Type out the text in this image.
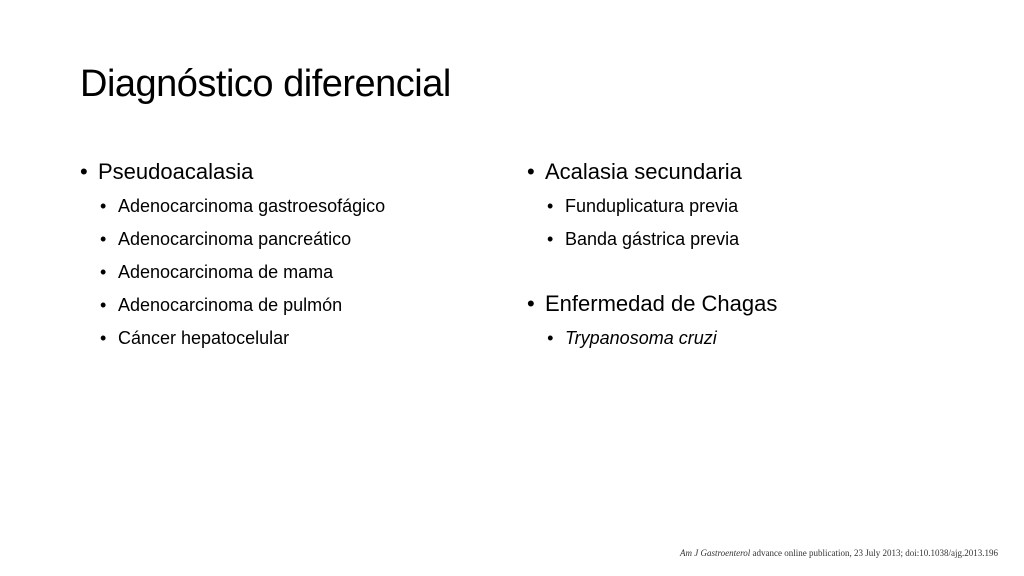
Diagnóstico diferencial
• Pseudoacalasia
• Adenocarcinoma gastroesofágico
• Adenocarcinoma pancreático
• Adenocarcinoma de mama
• Adenocarcinoma de pulmón
• Cáncer hepatocelular
• Acalasia secundaria
• Funduplicatura previa
• Banda gástrica previa
• Enfermedad de Chagas
• Trypanosoma cruzi
Am J Gastroenterol advance online publication, 23 July 2013; doi:10.1038/ajg.2013.196
